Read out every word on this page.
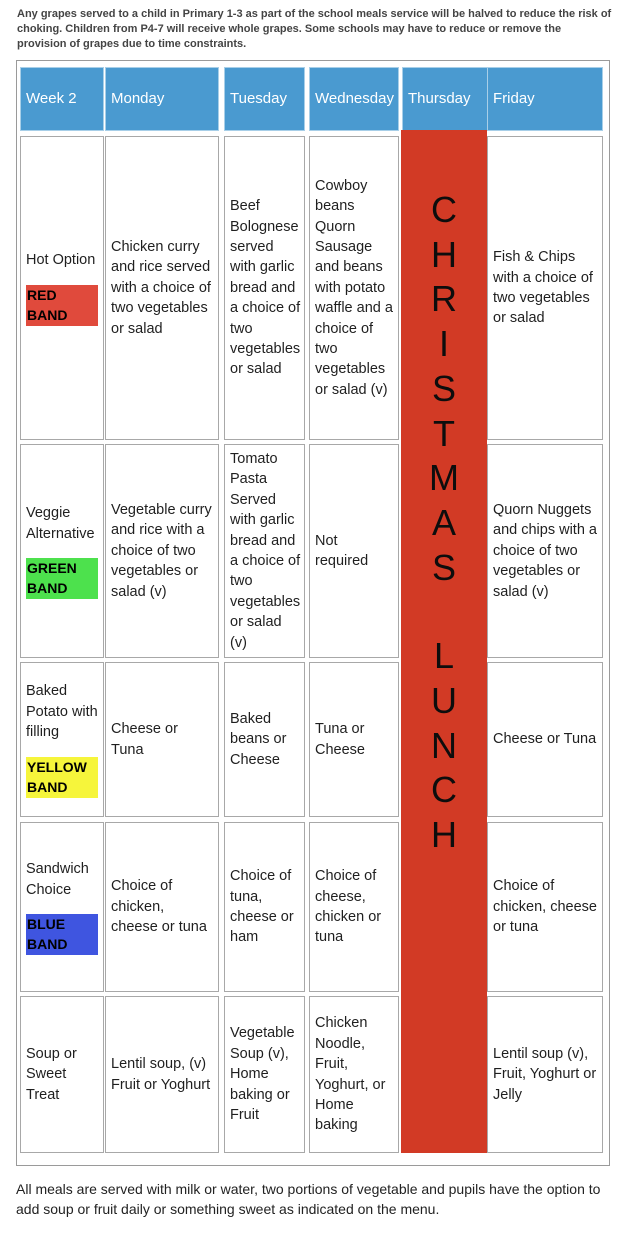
Any grapes served to a child in Primary 1-3 as part of the school meals service will be halved to reduce the risk of choking. Children from P4-7 will receive whole grapes. Some schools may have to reduce or remove the provision of grapes due to time constraints.
Week 2 Monday	Tuesday Wednesday Thursday Friday
Hot Option
RED BAND
Chicken curry and rice served with a choice of two vegetables or salad
Beef Bolognese served with garlic bread and a choice of two vegetables or salad
Cowboy beans Quorn Sausage and beans with potato waffle and a choice of two vegetables or salad (v)
Fish & Chips with a choice of two vegetables or salad
Veggie Alternative
GREEN BAND
Vegetable curry and rice with a choice of two vegetables or salad (v)
Tomato Pasta Served with garlic bread and a choice of two vegetables or salad (v)
Not required
Quorn Nuggets and chips with a choice of two vegetables or salad (v)
Baked Potato with filling
YELLOW BAND
Cheese or Tuna
Baked beans or Cheese
Tuna or Cheese
Cheese or Tuna
Sandwich Choice
BLUE BAND
Choice of chicken, cheese or tuna
Choice of tuna, cheese or ham
Choice of cheese, chicken or tuna
Choice of chicken, cheese or tuna
Soup or Sweet Treat
Lentil soup, (v) Fruit or Yoghurt
Vegetable Soup (v), Home baking or Fruit
Chicken Noodle, Fruit, Yoghurt, or Home baking
Lentil soup (v), Fruit, Yoghurt or Jelly
C
H
R
I
S
T
M
A
S
L
U
N
C
H
All meals are served with milk or water, two portions of vegetable and pupils have the option to add soup or fruit daily or something sweet as indicated on the menu.
